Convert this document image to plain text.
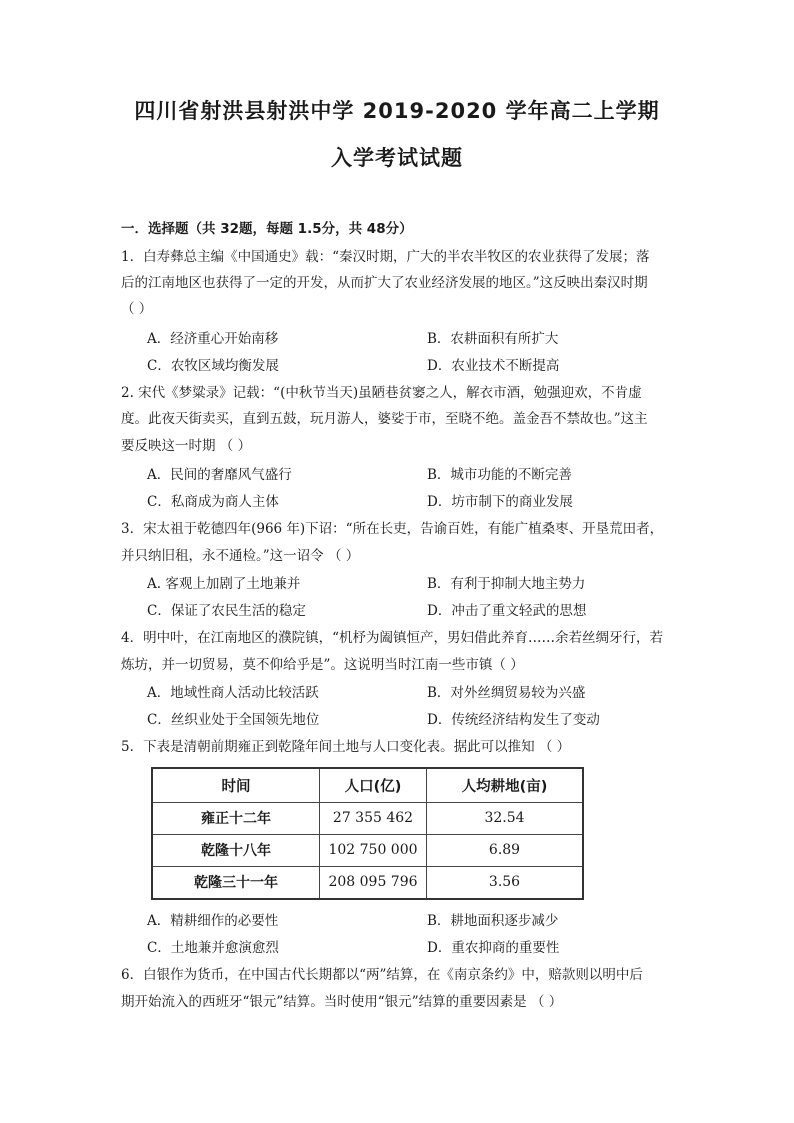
四川省射洪县射洪中学 2019-2020 学年高二上学期
入学考试试题
一．选择题（共 32题，每题 1.5分，共 48分）
1．白寿彝总主编《中国通史》载：“秦汉时期，广大的半农半牧区的农业获得了发展；落
后的江南地区也获得了一定的开发，从而扩大了农业经济发展的地区。”这反映出秦汉时期
（ ）
A．经济重心开始南移	B．农耕面积有所扩大
C．农牧区域均衡发展	D．农业技术不断提高
2. 宋代《梦粱录》记载：“(中秋节当天)虽陋巷贫窭之人，解衣市酒，勉强迎欢，不肯虚
度。此夜天街卖买，直到五鼓，玩月游人，婆娑于市，至晓不绝。盖金吾不禁故也。”这主
要反映这一时期 （ ）
A．民间的奢靡风气盛行	B．城市功能的不断完善
C．私商成为商人主体	D．坊市制下的商业发展
3．宋太祖于乾德四年(966 年)下诏：“所在长吏，告谕百姓，有能广植桑枣、开垦荒田者，
并只纳旧租，永不通检。”这一诏令 （ ）
A. 客观上加剧了土地兼并	B．有利于抑制大地主势力
C．保证了农民生活的稳定	D．冲击了重文轻武的思想
4．明中叶，在江南地区的濮院镇，“机杼为阖镇恒产，男妇借此养育……余若丝绸牙行，若
炼坊，并一切贸易，莫不仰给乎是”。这说明当时江南一些市镇（ ）
A．地域性商人活动比较活跃	B．对外丝绸贸易较为兴盛
C．丝织业处于全国领先地位	D．传统经济结构发生了变动
5．下表是清朝前期雍正到乾隆年间土地与人口变化表。据此可以推知 （ ）
时间	人口(亿)	人均耕地(亩)
雍正十二年	27 355 462	32.54
乾隆十八年	102 750 000	6.89
乾隆三十一年	208 095 796	3.56
A．精耕细作的必要性	B．耕地面积逐步减少
C．土地兼并愈演愈烈	D．重农抑商的重要性
6．白银作为货币，在中国古代长期都以“两”结算，在《南京条约》中，赔款则以明中后
期开始流入的西班牙“银元”结算。当时使用“银元”结算的重要因素是 （ ）
